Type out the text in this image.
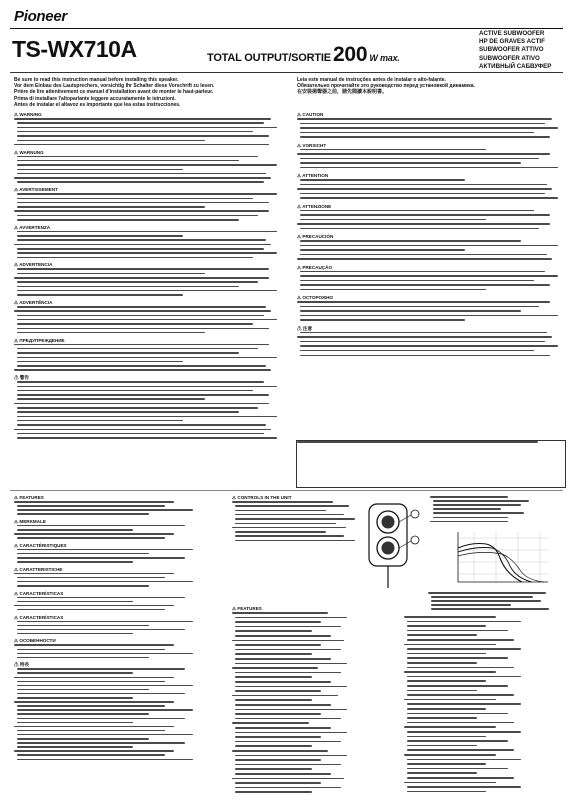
Pioneer
TS-WX710A	TOTAL OUTPUT/SORTIE 200 W max.
ACTIVE SUBWOOFER
HP DE GRAVES ACTIF
SUBWOOFER ATTIVO
SUBWOOFER ATIVO
АКТИВНЫЙ САБВУФЕР
Be sure to read this instruction manual before installing this speaker.
Vor dem Einbau des Lautsprechers, vorsichtig Ihr Schalter diese Vorschrift zu lesen.
Prière de lire attentivement ce manuel d'installation avant de monter le haut-parleur.
Prima di installare l'altoparlante leggere accuratamente le istruzioni.
Antes de instalar el altavoz es importante que lea estas instrucciones.
Leia este manual de instruções antes de instalar o alto-falante.
Обязательно прочитайте это руководство перед установкой динамика.
在安裝揚聲器之前，請先閱讀本說明書。
⚠ WARNING
⚠ WARNUNG
⚠ AVERTISSEMENT
⚠ AVVERTENZA
⚠ ADVERTENCIA
⚠ ADVERTÊNCIA
⚠ ПРЕДУПРЕЖДЕНИЕ
⚠ 警告
⚠ CAUTION
⚠ VORSICHT
⚠ ATTENTION
⚠ ATTENZIONE
⚠ PRECAUCIÓN
⚠ PRECAUÇÃO
⚠ ОСТОРОЖНО
⚠ 注意
⚠ FEATURES
⚠ MERKMALE
⚠ CARACTÉRISTIQUES
⚠ CARATTERISTICHE
⚠ CARACTERÍSTICAS
⚠ CARACTERÍSTICAS
⚠ ОСОБЕННОСТИ
⚠ 特長
⚠ CONTROLS IN THE UNIT
⚠ FEATURES
